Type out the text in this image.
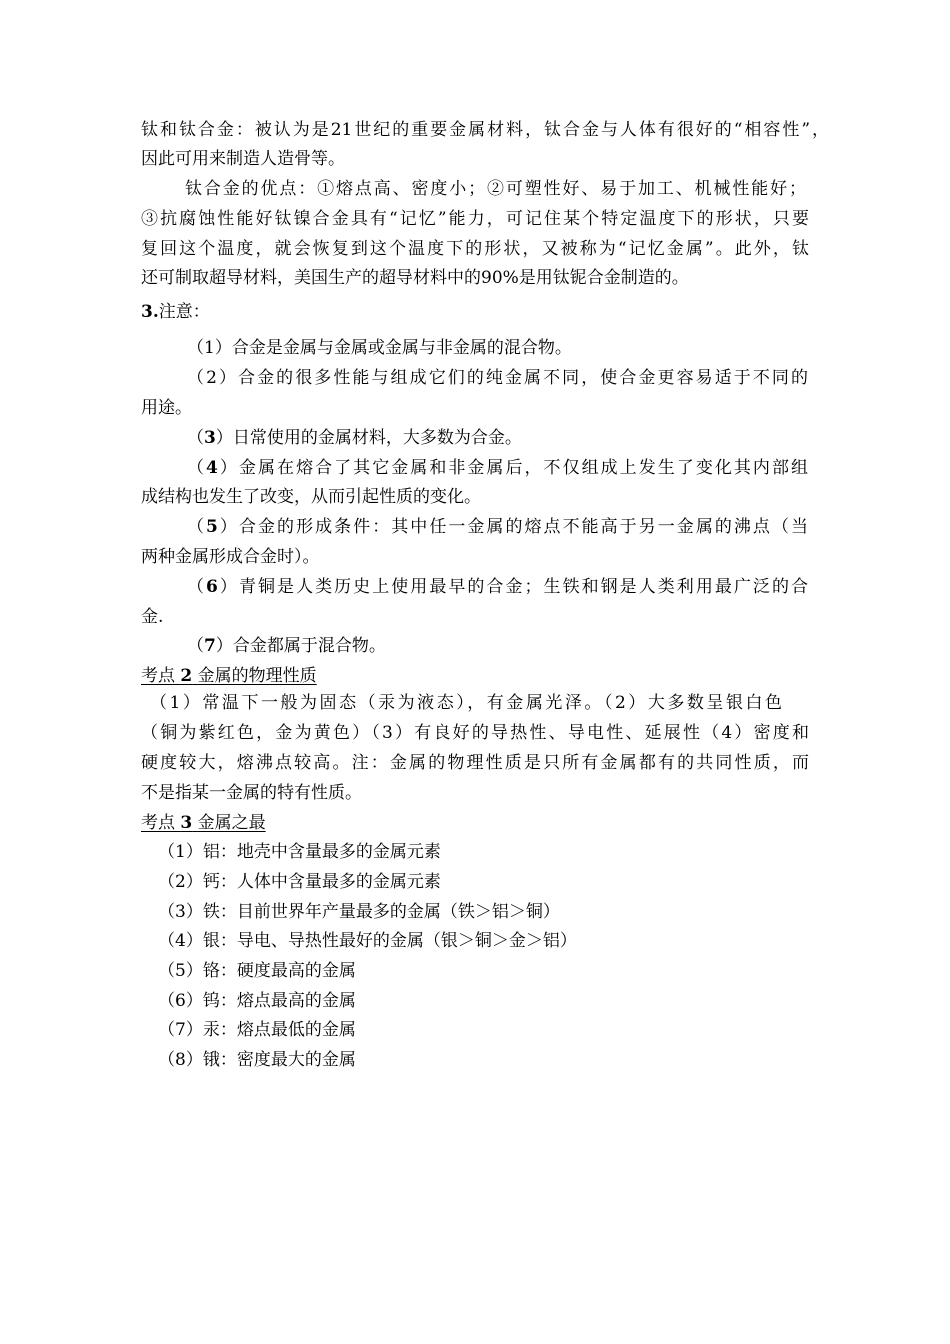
钛和钛合金：被认为是21世纪的重要金属材料，钛合金与人体有很好的“相容性”，
因此可用来制造人造骨等。
钛合金的优点：①熔点高、密度小；②可塑性好、易于加工、机械性能好；
③抗腐蚀性能好钛镍合金具有“记忆”能力，可记住某个特定温度下的形状，只要
复回这个温度，就会恢复到这个温度下的形状，又被称为“记忆金属”。此外，钛
还可制取超导材料，美国生产的超导材料中的90%是用钛铌合金制造的。
3.注意：
（1）合金是金属与金属或金属与非金属的混合物。
（2）合金的很多性能与组成它们的纯金属不同，使合金更容易适于不同的
用途。
（3）日常使用的金属材料，大多数为合金。
（4）金属在熔合了其它金属和非金属后，不仅组成上发生了变化其内部组
成结构也发生了改变，从而引起性质的变化。
（5）合金的形成条件：其中任一金属的熔点不能高于另一金属的沸点（当
两种金属形成合金时）。
（6）青铜是人类历史上使用最早的合金；生铁和钢是人类利用最广泛的合
金.
（7）合金都属于混合物。
考点 2 金属的物理性质
（1）常温下一般为固态（汞为液态），有金属光泽。（2）大多数呈银白色
（铜为紫红色，金为黄色）（3）有良好的导热性、导电性、延展性（4）密度和
硬度较大，熔沸点较高。注：金属的物理性质是只所有金属都有的共同性质，而
不是指某一金属的特有性质。
考点 3 金属之最
（1）铝：地壳中含量最多的金属元素
（2）钙：人体中含量最多的金属元素
（3）铁：目前世界年产量最多的金属（铁＞铝＞铜）
（4）银：导电、导热性最好的金属（银＞铜＞金＞铝）
（5）铬：硬度最高的金属
（6）钨：熔点最高的金属
（7）汞：熔点最低的金属
（8）锇：密度最大的金属
